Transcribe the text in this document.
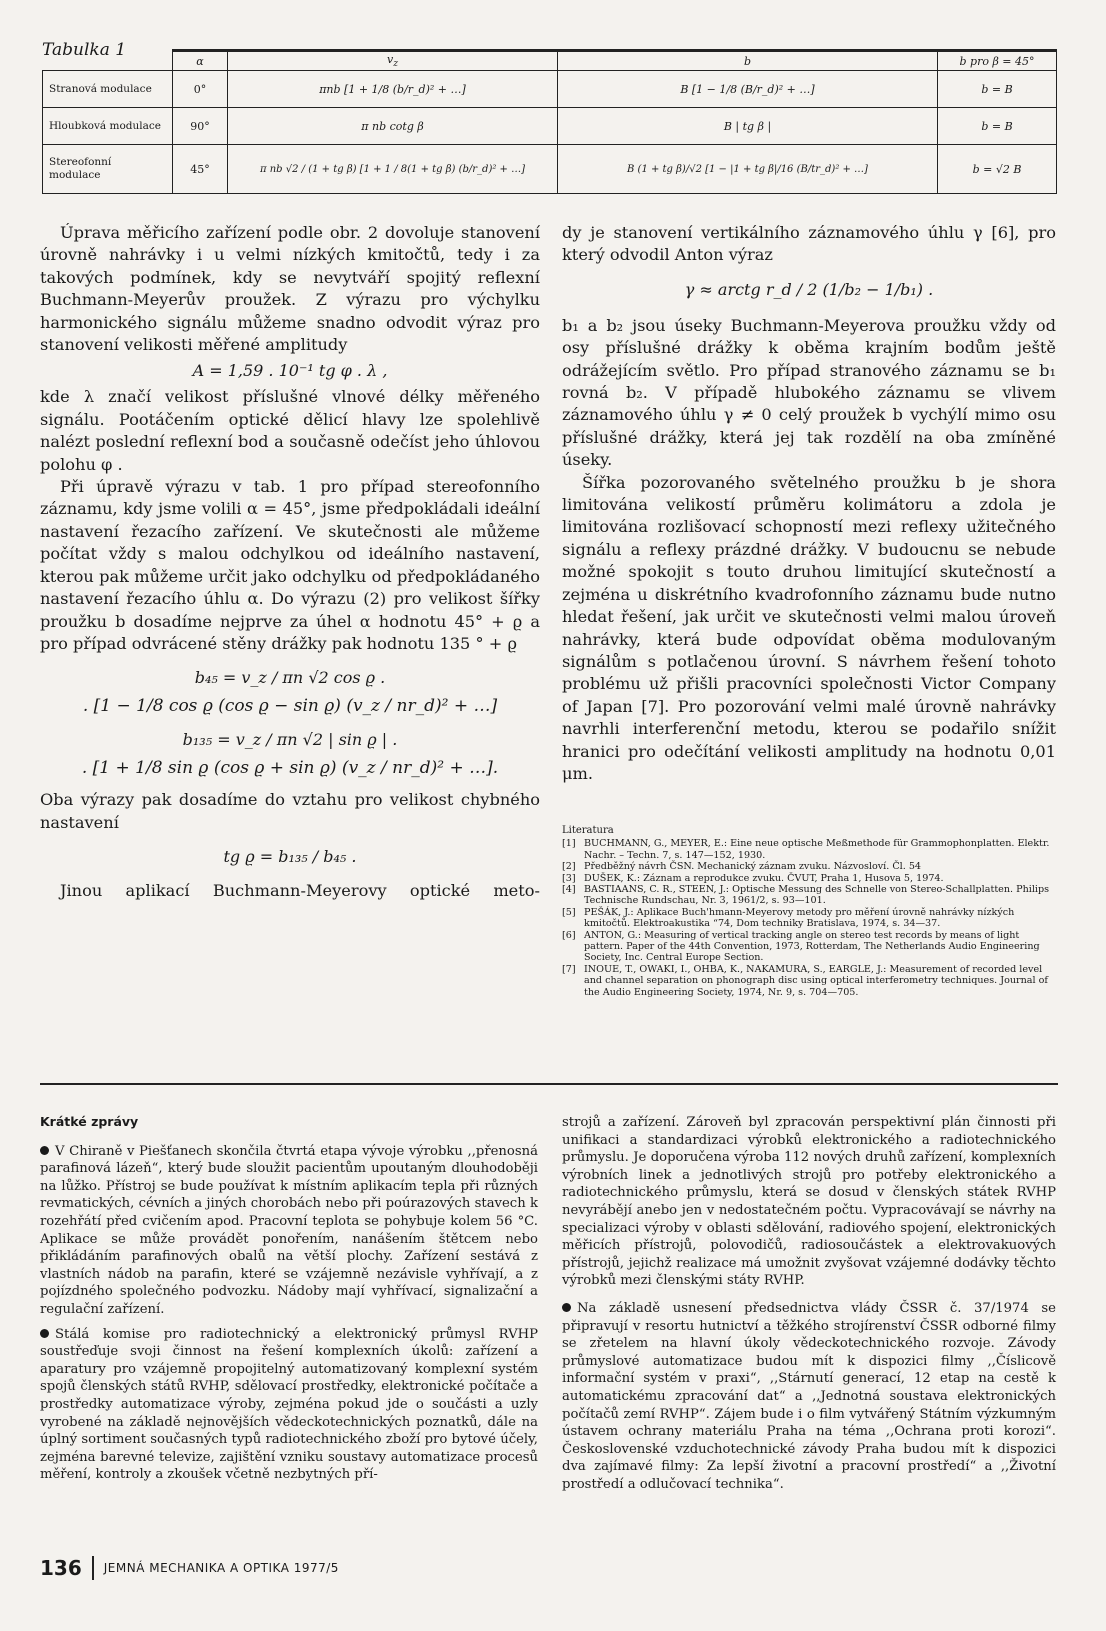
Tabulka 1
	α	$v_z$	b	b pro β = 45°
Stranová modulace	0°	πnb [1 + 1/8 (b/r_d)² + …]	B [1 − 1/8 (B/r_d)² + …]	b = B
Hloubková modulace	90°	π nb cotg β	B | tg β |	b = B
Stereofonní modulace	45°	π nb √2 / (1 + tg β) [1 + 1 / 8(1 + tg β) (b/r_d)² + …]	B (1 + tg β)/√2 [1 − |1 + tg β|/16 (B/tr_d)² + …]	b = √2 B

Úprava měřicího zařízení podle obr. 2 dovoluje stanovení úrovně nahrávky i u velmi nízkých kmitočtů, tedy i za takových podmínek, kdy se nevytváří spojitý reflexní Buchmann-Meyerův proužek. Z výrazu pro výchylku harmonického signálu můžeme snadno odvodit výraz pro stanovení velikosti měřené amplitudy

A = 1,59 . 10⁻¹ tg φ . λ ,

kde λ značí velikost příslušné vlnové délky měřeného signálu. Pootáčením optické dělicí hlavy lze spolehlivě nalézt poslední reflexní bod a současně odečíst jeho úhlovou polohu φ .

Při úpravě výrazu v tab. 1 pro případ stereofonního záznamu, kdy jsme volili α = 45°, jsme předpokládali ideální nastavení řezacího zařízení. Ve skutečnosti ale můžeme počítat vždy s malou odchylkou od ideálního nastavení, kterou pak můžeme určit jako odchylku od předpokládaného nastavení řezacího úhlu α. Do výrazu (2) pro velikost šířky proužku b dosadíme nejprve za úhel α hodnotu 45° + ϱ a pro případ odvrácené stěny drážky pak hodnotu 135 ° + ϱ

b₄₅ = v_z / πn √2 cos ϱ .
. [1 − 1/8 cos ϱ (cos ϱ − sin ϱ) (v_z / nr_d)² + …]
b₁₃₅ = v_z / πn √2 | sin ϱ | .
. [1 + 1/8 sin ϱ (cos ϱ + sin ϱ) (v_z / nr_d)² + …].

Oba výrazy pak dosadíme do vztahu pro velikost chybného nastavení

tg ϱ = b₁₃₅ / b₄₅ .

Jinou aplikací Buchmann-Meyerovy optické meto-

dy je stanovení vertikálního záznamového úhlu γ [6], pro který odvodil Anton výraz

γ ≈ arctg r_d / 2 (1/b₂ − 1/b₁) .

b₁ a b₂ jsou úseky Buchmann-Meyerova proužku vždy od osy příslušné drážky k oběma krajním bodům ještě odrážejícím světlo. Pro případ stranového záznamu se b₁ rovná b₂. V případě hlubokého záznamu se vlivem záznamového úhlu γ ≠ 0 celý proužek b vychýlí mimo osu příslušné drážky, která jej tak rozdělí na oba zmíněné úseky.

Šířka pozorovaného světelného proužku b je shora limitována velikostí průměru kolimátoru a zdola je limitována rozlišovací schopností mezi reflexy užitečného signálu a reflexy prázdné drážky. V budoucnu se nebude možné spokojit s touto druhou limitující skutečností a zejména u diskrétního kvadrofonního záznamu bude nutno hledat řešení, jak určit ve skutečnosti velmi malou úroveň nahrávky, která bude odpovídat oběma modulovaným signálům s potlačenou úrovní. S návrhem řešení tohoto problému už přišli pracovníci společnosti Victor Company of Japan [7]. Pro pozorování velmi malé úrovně nahrávky navrhli interferenční metodu, kterou se podařilo snížit hranici pro odečítání velikosti amplitudy na hodnotu 0,01 μm.

Literatura
[1] BUCHMANN, G., MEYER, E.: Eine neue optische Meßmethode für Grammophonplatten. Elektr. Nachr. – Techn. 7, s. 147—152, 1930.
[2] Předběžný návrh ČSN. Mechanický záznam zvuku. Názvosloví. Čl. 54
[3] DUŠEK, K.: Záznam a reprodukce zvuku. ČVUT, Praha 1, Husova 5, 1974.
[4] BASTIAANS, C. R., STEEN, J.: Optische Messung des Schnelle von Stereo-Schallplatten. Philips Technische Rundschau, Nr. 3, 1961/2, s. 93—101.
[5] PEŠÁK, J.: Aplikace Buch'hmann-Meyerovy metody pro měření úrovně nahrávky nízkých kmitočtů. Elektroakustika “74, Dom techniky Bratislava, 1974, s. 34—37.
[6] ANTON, G.: Measuring of vertical tracking angle on stereo test records by means of light pattern. Paper of the 44th Convention, 1973, Rotterdam, The Netherlands Audio Engineering Society, Inc. Central Europe Section.
[7] INOUE, T., OWAKI, I., OHBA, K., NAKAMURA, S., EARGLE, J.: Measurement of recorded level and channel separation on phonograph disc using optical interferometry techniques. Journal of the Audio Engineering Society, 1974, Nr. 9, s. 704—705.

Krátké zprávy

V Chiraně v Piešťanech skončila čtvrtá etapa vývoje výrobku ,,přenosná parafinová lázeň“, který bude sloužit pacientům upoutaným dlouhodoběji na lůžko. Přístroj se bude používat k místním aplikacím tepla při různých revmatických, cévních a jiných chorobách nebo při poúrazových stavech k rozehřátí před cvičením apod. Pracovní teplota se pohybuje kolem 56 °C. Aplikace se může provádět ponořením, nanášením štětcem nebo přikládáním parafinových obalů na větší plochy. Zařízení sestává z vlastních nádob na parafin, které se vzájemně nezávisle vyhřívají, a z pojízdného společného podvozku. Nádoby mají vyhřívací, signalizační a regulační zařízení.

Stálá komise pro radiotechnický a elektronický průmysl RVHP soustřeďuje svoji činnost na řešení komplexních úkolů: zařízení a aparatury pro vzájemně propojitelný automatizovaný komplexní systém spojů členských států RVHP, sdělovací prostředky, elektronické počítače a prostředky automatizace výroby, zejména pokud jde o součásti a uzly vyrobené na základě nejnovějších vědeckotechnických poznatků, dále na úplný sortiment současných typů radiotechnického zboží pro bytové účely, zejména barevné televize, zajištění vzniku soustavy automatizace procesů měření, kontroly a zkoušek včetně nezbytných pří-

strojů a zařízení. Zároveň byl zpracován perspektivní plán činnosti při unifikaci a standardizaci výrobků elektronického a radiotechnického průmyslu. Je doporučena výroba 112 nových druhů zařízení, komplexních výrobních linek a jednotlivých strojů pro potřeby elektronického a radiotechnického průmyslu, která se dosud v členských státek RVHP nevyrábějí anebo jen v nedostatečném počtu. Vypracovávají se návrhy na specializaci výroby v oblasti sdělování, radiového spojení, elektronických měřicích přístrojů, polovodičů, radiosoučástek a elektrovakuových přístrojů, jejichž realizace má umožnit zvyšovat vzájemné dodávky těchto výrobků mezi členskými státy RVHP.

Na základě usnesení předsednictva vlády ČSSR č. 37/1974 se připravují v resortu hutnictví a těžkého strojírenství ČSSR odborné filmy se zřetelem na hlavní úkoly vědeckotechnického rozvoje. Závody průmyslové automatizace budou mít k dispozici filmy ,,Číslicově informační systém v praxi“, ,,Stárnutí generací, 12 etap na cestě k automatickému zpracování dat“ a ,,Jednotná soustava elektronických počítačů zemí RVHP“. Zájem bude i o film vytvářený Státním výzkumným ústavem ochrany materiálu Praha na téma ,,Ochrana proti korozi“. Československé vzduchotechnické závody Praha budou mít k dispozici dva zajímavé filmy: Za lepší životní a pracovní prostředí“ a ,,Životní prostředí a odlučovací technika“.

136 JEMNÁ MECHANIKA A OPTIKA 1977/5
